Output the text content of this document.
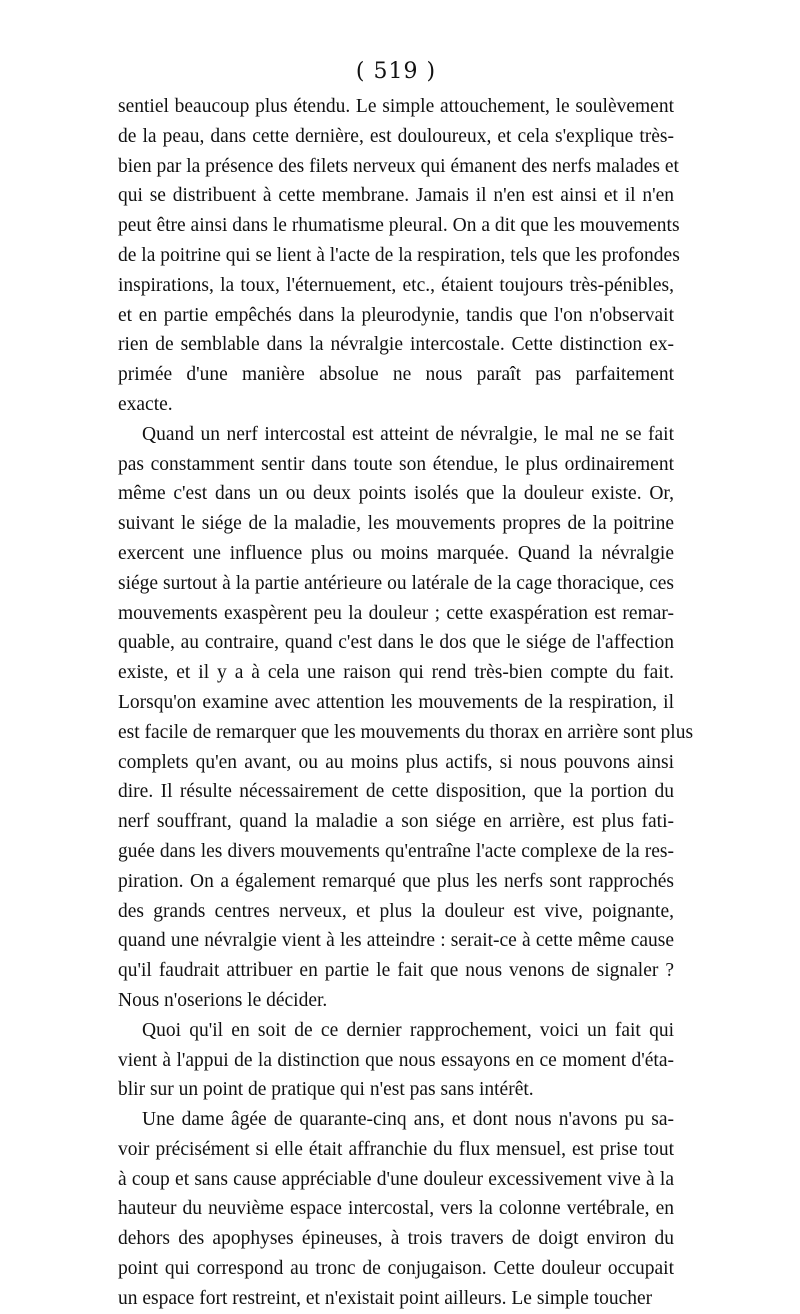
( 519 )
sentiel beaucoup plus étendu. Le simple attouchement, le soulèvement
de la peau, dans cette dernière, est douloureux, et cela s'explique très-
bien par la présence des filets nerveux qui émanent des nerfs malades et
qui se distribuent à cette membrane. Jamais il n'en est ainsi et il n'en
peut être ainsi dans le rhumatisme pleural. On a dit que les mouvements
de la poitrine qui se lient à l'acte de la respiration, tels que les profondes
inspirations, la toux, l'éternuement, etc., étaient toujours très-pénibles,
et en partie empêchés dans la pleurodynie, tandis que l'on n'observait
rien de semblable dans la névralgie intercostale. Cette distinction ex-
primée d'une manière absolue ne nous paraît pas parfaitement
exacte.
Quand un nerf intercostal est atteint de névralgie, le mal ne se fait
pas constamment sentir dans toute son étendue, le plus ordinairement
même c'est dans un ou deux points isolés que la douleur existe. Or,
suivant le siége de la maladie, les mouvements propres de la poitrine
exercent une influence plus ou moins marquée. Quand la névralgie
siége surtout à la partie antérieure ou latérale de la cage thoracique, ces
mouvements exaspèrent peu la douleur ; cette exaspération est remar-
quable, au contraire, quand c'est dans le dos que le siége de l'affection
existe, et il y a à cela une raison qui rend très-bien compte du fait.
Lorsqu'on examine avec attention les mouvements de la respiration, il
est facile de remarquer que les mouvements du thorax en arrière sont plus
complets qu'en avant, ou au moins plus actifs, si nous pouvons ainsi
dire. Il résulte nécessairement de cette disposition, que la portion du
nerf souffrant, quand la maladie a son siége en arrière, est plus fati-
guée dans les divers mouvements qu'entraîne l'acte complexe de la res-
piration. On a également remarqué que plus les nerfs sont rapprochés
des grands centres nerveux, et plus la douleur est vive, poignante,
quand une névralgie vient à les atteindre : serait-ce à cette même cause
qu'il faudrait attribuer en partie le fait que nous venons de signaler ?
Nous n'oserions le décider.
Quoi qu'il en soit de ce dernier rapprochement, voici un fait qui
vient à l'appui de la distinction que nous essayons en ce moment d'éta-
blir sur un point de pratique qui n'est pas sans intérêt.
Une dame âgée de quarante-cinq ans, et dont nous n'avons pu sa-
voir précisément si elle était affranchie du flux mensuel, est prise tout
à coup et sans cause appréciable d'une douleur excessivement vive à la
hauteur du neuvième espace intercostal, vers la colonne vertébrale, en
dehors des apophyses épineuses, à trois travers de doigt environ du
point qui correspond au tronc de conjugaison. Cette douleur occupait
un espace fort restreint, et n'existait point ailleurs. Le simple toucher
